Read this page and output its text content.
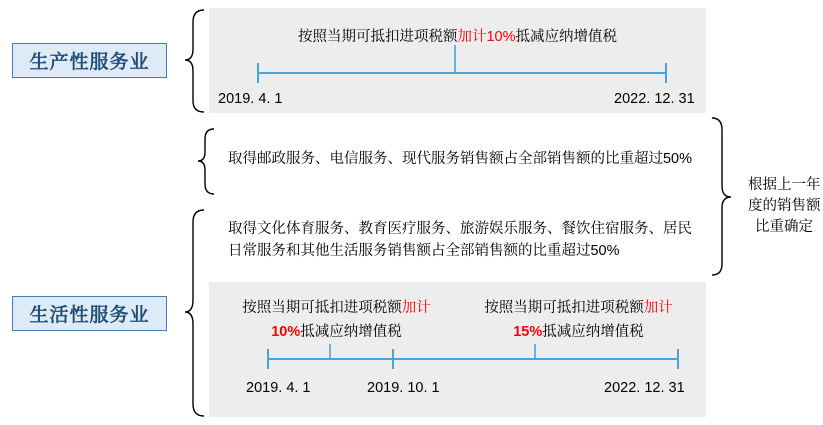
生产性服务业
生活性服务业
按照当期可抵扣进项税额加计10%抵减应纳增值税
2019. 4. 1	2022. 12. 31
取得邮政服务、电信服务、现代服务销售额占全部销售额的比重超过50%
取得文化体育服务、教育医疗服务、旅游娱乐服务、餐饮住宿服务、居民日常服务和其他生活服务销售额占全部销售额的比重超过50%
按照当期可抵扣进项税额加计
10%抵减应纳增值税
按照当期可抵扣进项税额加计
15%抵减应纳增值税
2019. 4. 1	2019. 10. 1	2022. 12. 31
根据上一年
度的销售额
比重确定
